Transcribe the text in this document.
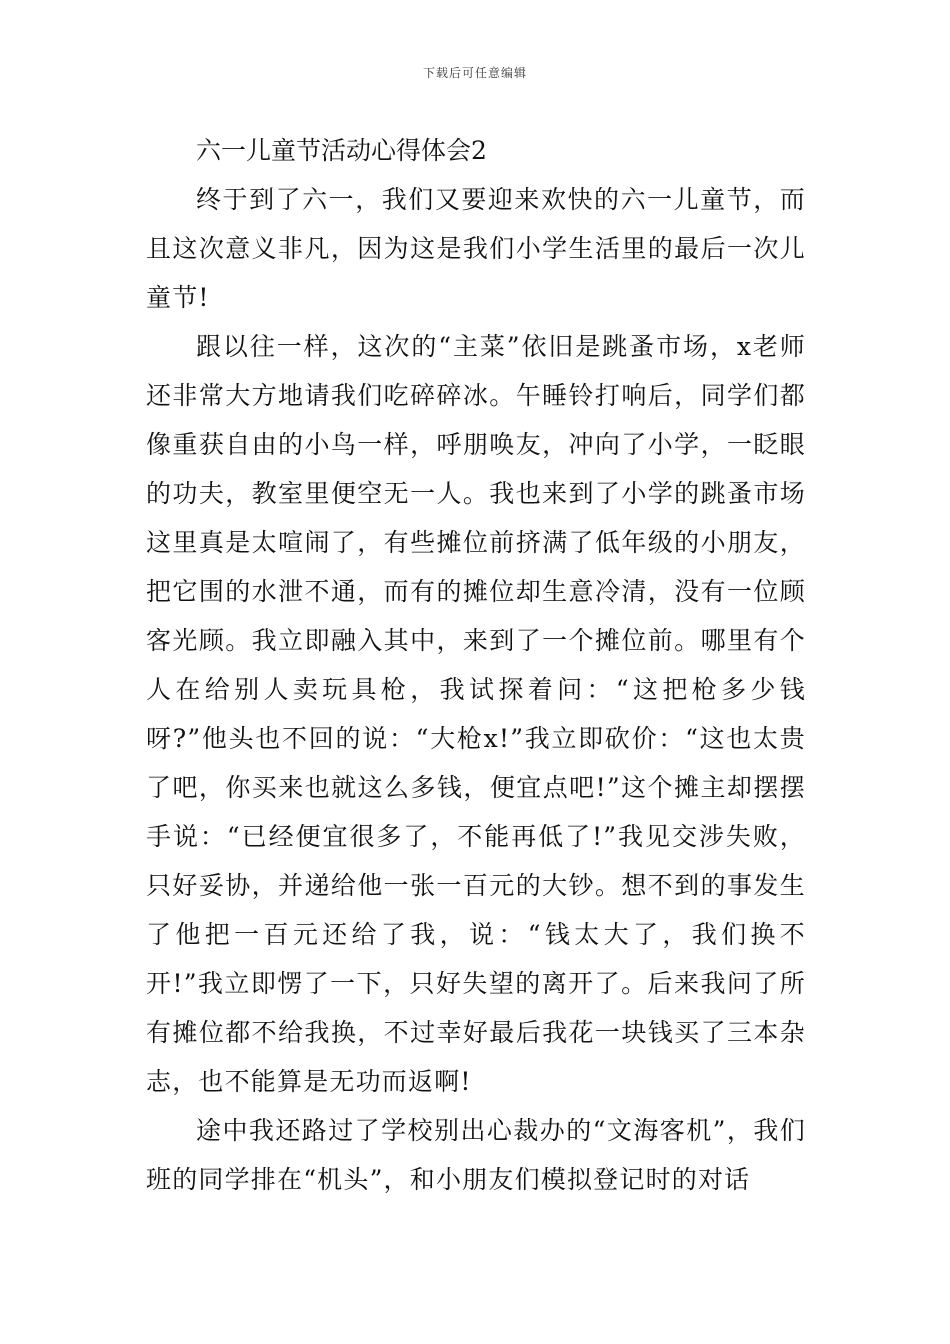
下载后可任意编辑

六一儿童节活动心得体会2

终于到了六一，我们又要迎来欢快的六一儿童节，而且这次意义非凡，因为这是我们小学生活里的最后一次儿童节!

跟以往一样，这次的“主菜”依旧是跳蚤市场，x老师还非常大方地请我们吃碎碎冰。午睡铃打响后，同学们都像重获自由的小鸟一样，呼朋唤友，冲向了小学，一眨眼的功夫，教室里便空无一人。我也来到了小学的跳蚤市场这里真是太喧闹了，有些摊位前挤满了低年级的小朋友，把它围的水泄不通，而有的摊位却生意冷清，没有一位顾客光顾。我立即融入其中，来到了一个摊位前。哪里有个人在给别人卖玩具枪，我试探着问：“这把枪多少钱呀?”他头也不回的说：“大枪x!”我立即砍价：“这也太贵了吧，你买来也就这么多钱，便宜点吧!”这个摊主却摆摆手说：“已经便宜很多了，不能再低了!”我见交涉失败，只好妥协，并递给他一张一百元的大钞。想不到的事发生了他把一百元还给了我，说：“钱太大了，我们换不开!”我立即愣了一下，只好失望的离开了。后来我问了所有摊位都不给我换，不过幸好最后我花一块钱买了三本杂志，也不能算是无功而返啊!

途中我还路过了学校别出心裁办的“文海客机”，我们班的同学排在“机头”，和小朋友们模拟登记时的对话
